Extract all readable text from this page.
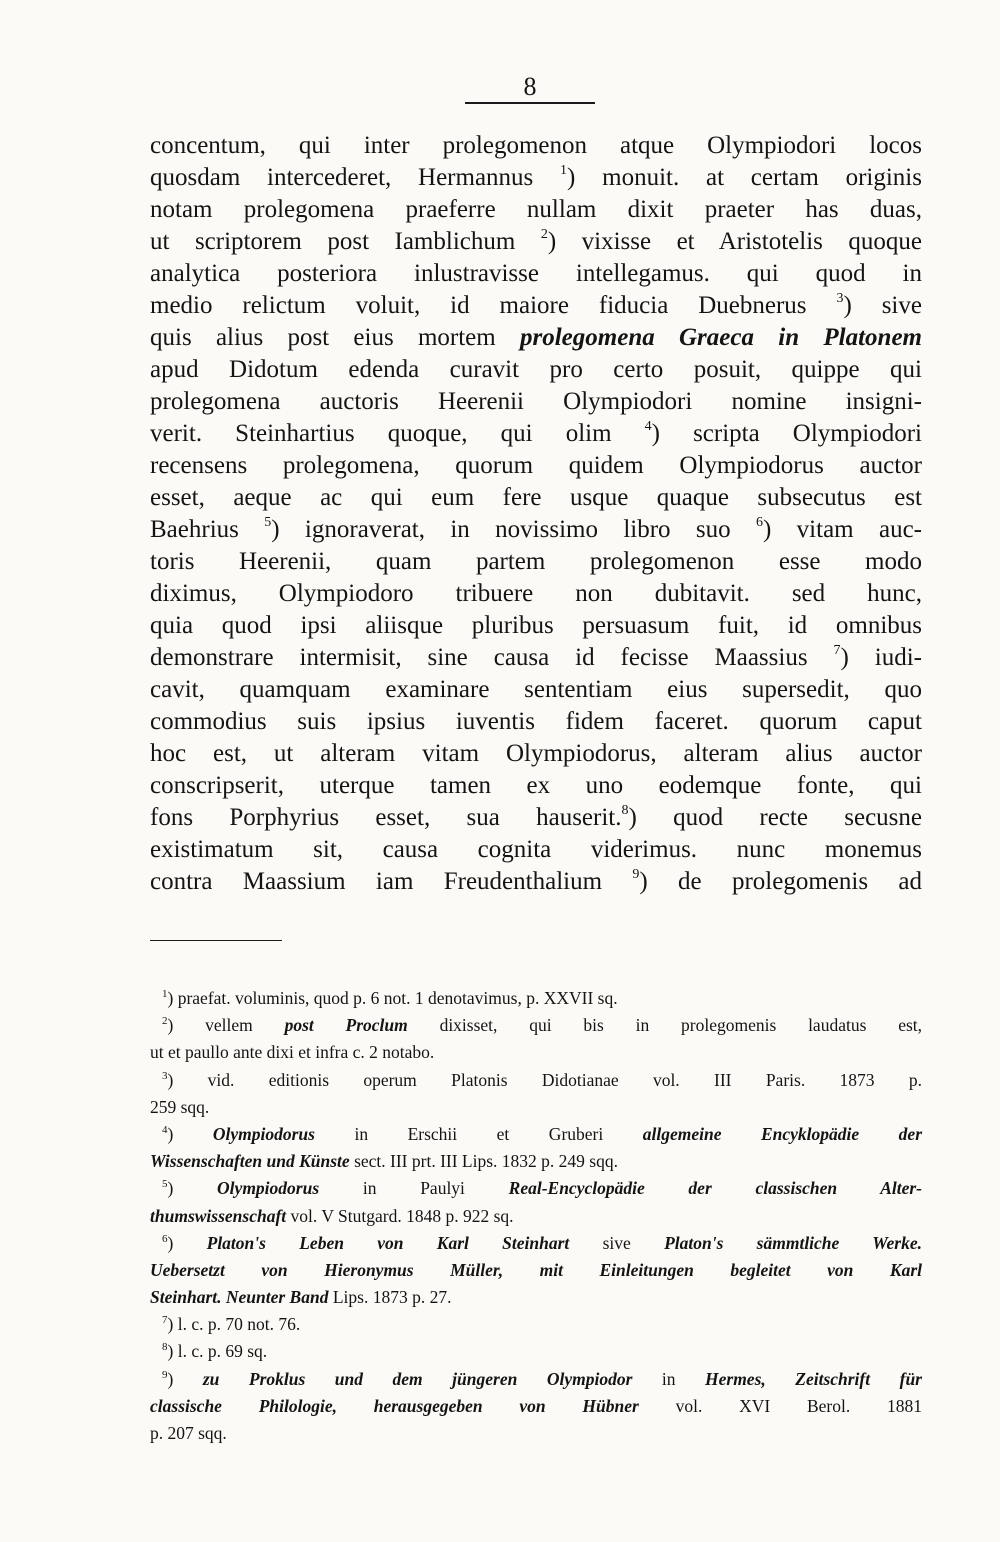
8
concentum, qui inter prolegomenon atque Olympiodori locos
quosdam intercederet, Hermannus $^1$) monuit. at certam originis
notam prolegomena praeferre nullam dixit praeter has duas,
ut scriptorem post Iamblichum $^2$) vixisse et Aristotelis quoque
analytica posteriora inlustravisse intellegamus. qui quod in
medio relictum voluit, id maiore fiducia Duebnerus $^3$) sive
quis alius post eius mortem prolegomena Graeca in Platonem
apud Didotum edenda curavit pro certo posuit, quippe qui
prolegomena auctoris Heerenii Olympiodori nomine insigni-
verit. Steinhartius quoque, qui olim $^4$) scripta Olympiodori
recensens prolegomena, quorum quidem Olympiodorus auctor
esset, aeque ac qui eum fere usque quaque subsecutus est
Baehrius $^5$) ignoraverat, in novissimo libro suo $^6$) vitam auc-
toris Heerenii, quam partem prolegomenon esse modo
diximus, Olympiodoro tribuere non dubitavit. sed hunc,
quia quod ipsi aliisque pluribus persuasum fuit, id omnibus
demonstrare intermisit, sine causa id fecisse Maassius $^7$) iudi-
cavit, quamquam examinare sententiam eius supersedit, quo
commodius suis ipsius iuventis fidem faceret. quorum caput
hoc est, ut alteram vitam Olympiodorus, alteram alius auctor
conscripserit, uterque tamen ex uno eodemque fonte, qui
fons Porphyrius esset, sua hauserit.$^8$) quod recte secusne
existimatum sit, causa cognita viderimus. nunc monemus
contra Maassium iam Freudenthalium $^9$) de prolegomenis ad
$^1$) praefat. voluminis, quod p. 6 not. 1 denotavimus, p. XXVII sq.
$^2$) vellem post Proclum dixisset, qui bis in prolegomenis laudatus est,
ut et paullo ante dixi et infra c. 2 notabo.
$^3$) vid. editionis operum Platonis Didotianae vol. III Paris. 1873 p.
259 sqq.
$^4$) Olympiodorus in Erschii et Gruberi allgemeine Encyklopädie der
Wissenschaften und Künste sect. III prt. III Lips. 1832 p. 249 sqq.
$^5$) Olympiodorus in Paulyi Real-Encyclopädie der classischen Alter-
thumswissenschaft vol. V Stutgard. 1848 p. 922 sq.
$^6$) Platon's Leben von Karl Steinhart sive Platon's sämmtliche Werke.
Uebersetzt von Hieronymus Müller, mit Einleitungen begleitet von Karl
Steinhart. Neunter Band Lips. 1873 p. 27.
$^7$) l. c. p. 70 not. 76.
$^8$) l. c. p. 69 sq.
$^9$) zu Proklus und dem jüngeren Olympiodor in Hermes, Zeitschrift für
classische Philologie, herausgegeben von Hübner vol. XVI Berol. 1881
p. 207 sqq.
